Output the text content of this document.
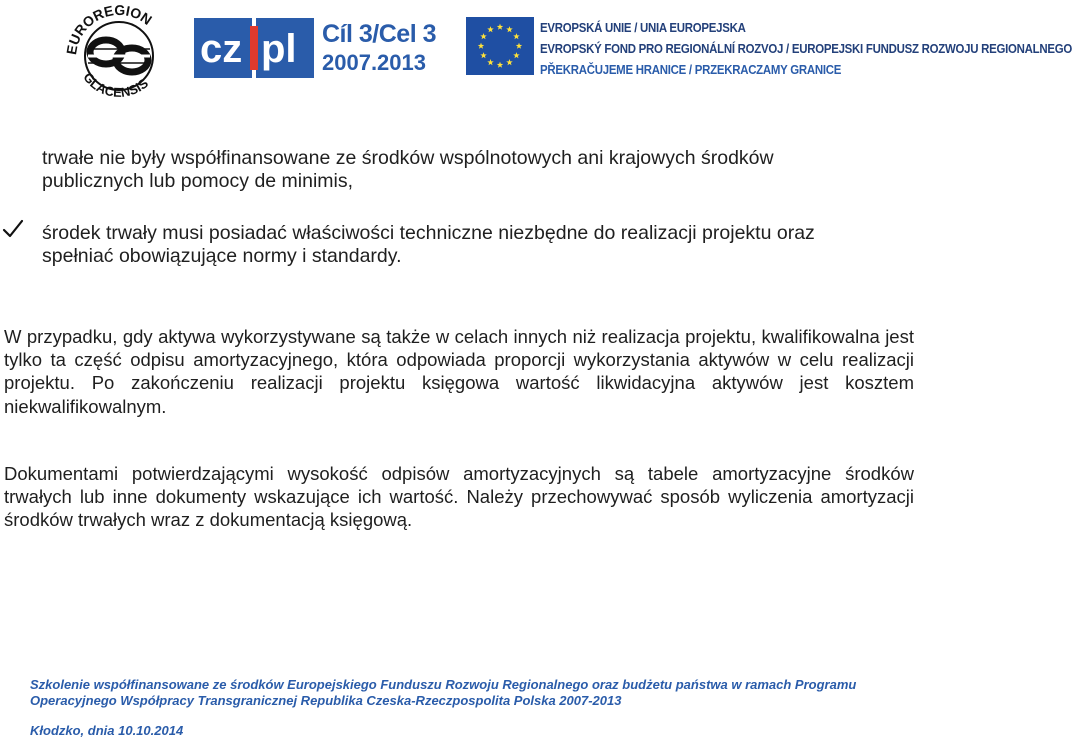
EUROREGION
GLACENSIS
cz pl Cíl 3/Cel 3
2007.2013
EVROPSKÁ UNIE / UNIA EUROPEJSKA
EVROPSKÝ FOND PRO REGIONÁLNÍ ROZVOJ / EUROPEJSKI FUNDUSZ ROZWOJU REGIONALNEGO
PŘEKRAČUJEME HRANICE / PRZEKRACZAMY GRANICE
trwałe nie były współfinansowane ze środków wspólnotowych ani krajowych środków publicznych lub pomocy de minimis,
środek trwały musi posiadać właściwości techniczne niezbędne do realizacji projektu oraz spełniać obowiązujące normy i standardy.
W przypadku, gdy aktywa wykorzystywane są także w celach innych niż realizacja projektu, kwalifikowalna jest tylko ta część odpisu amortyzacyjnego, która odpowiada proporcji wykorzystania aktywów w celu realizacji projektu. Po zakończeniu realizacji projektu księgowa wartość likwidacyjna aktywów jest kosztem niekwalifikowalnym.
Dokumentami potwierdzającymi wysokość odpisów amortyzacyjnych są tabele amortyzacyjne środków trwałych lub inne dokumenty wskazujące ich wartość. Należy przechowywać sposób wyliczenia amortyzacji środków trwałych wraz z dokumentacją księgową.
Szkolenie współfinansowane ze środków Europejskiego Funduszu Rozwoju Regionalnego oraz budżetu państwa w ramach Programu
Operacyjnego Współpracy Transgranicznej Republika Czeska-Rzeczpospolita Polska 2007-2013
Kłodzko, dnia 10.10.2014
